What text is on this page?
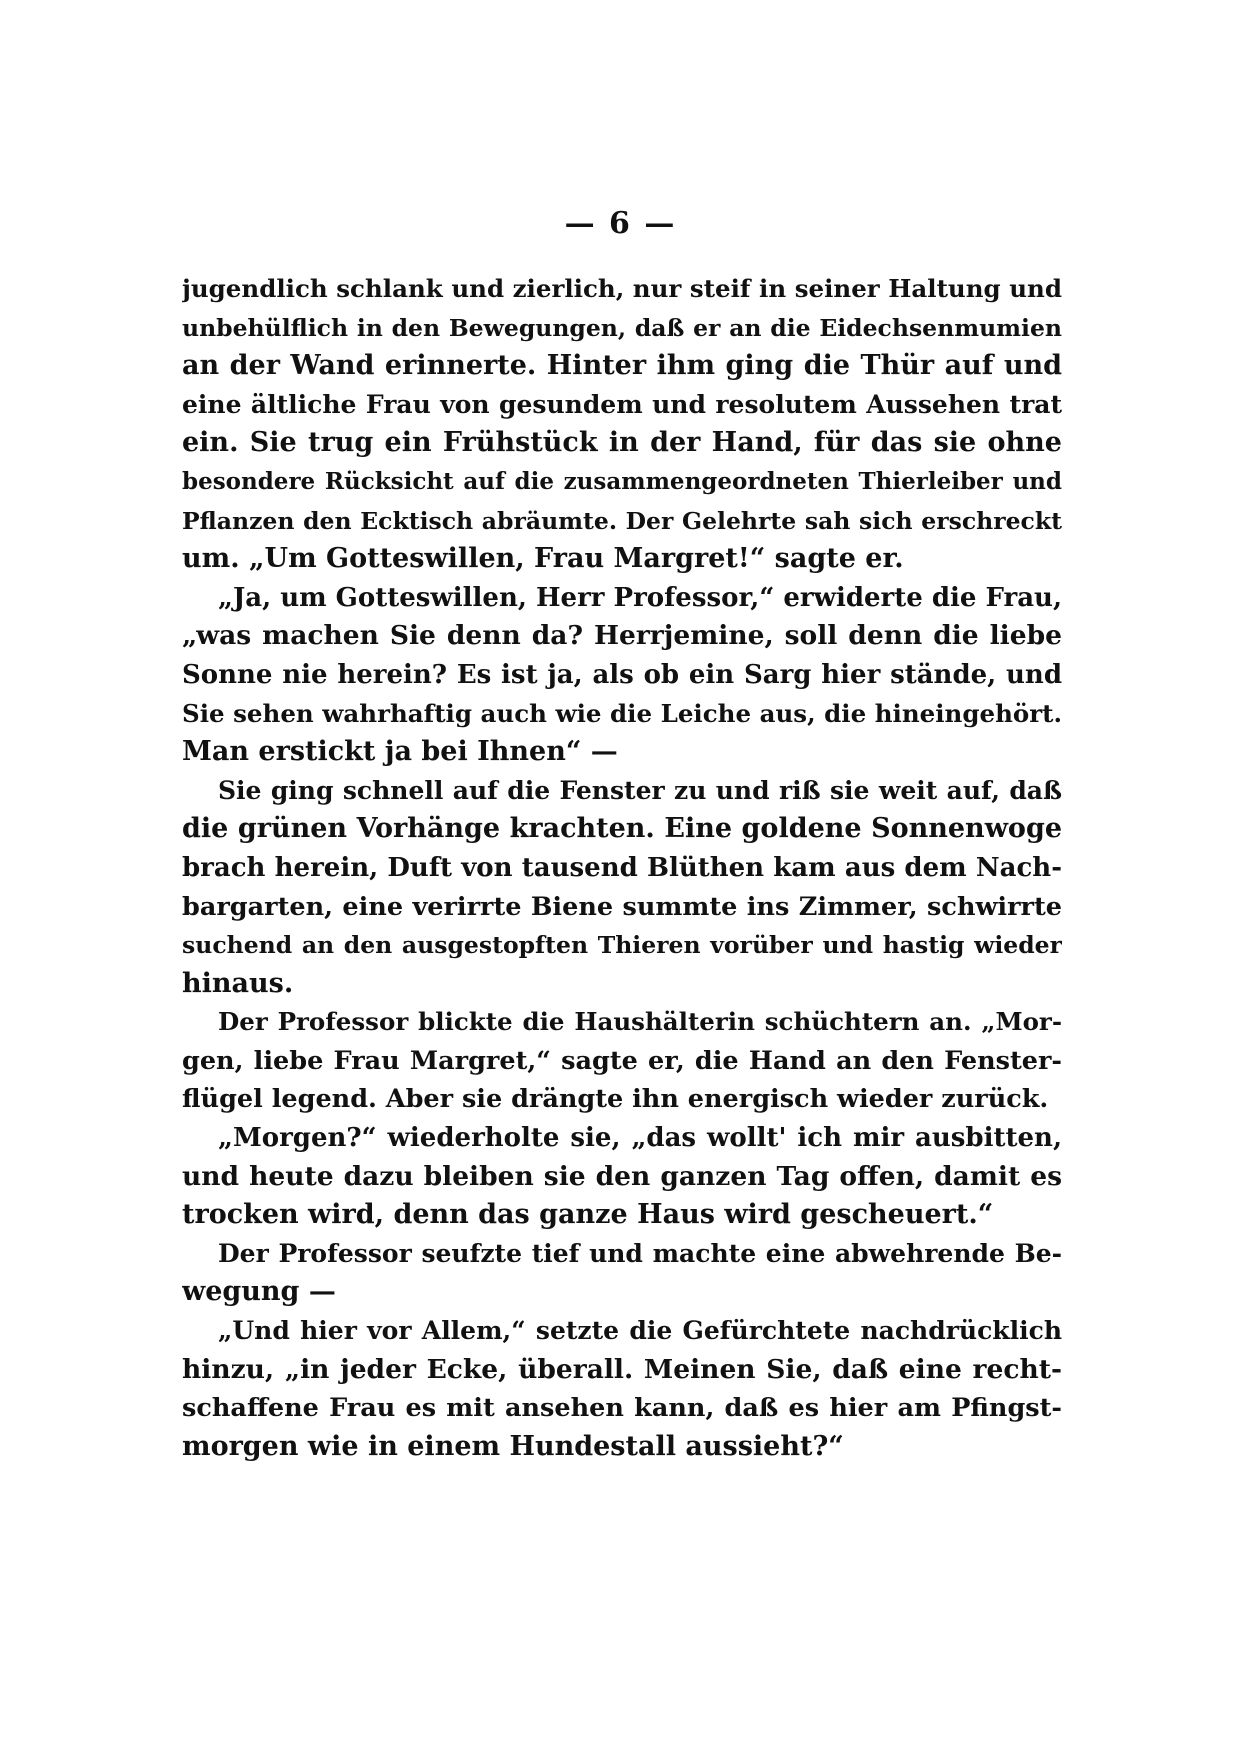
— 6 —
jugendlich schlank und zierlich, nur steif in seiner Haltung und
unbehülflich in den Bewegungen, daß er an die Eidechsenmumien
an der Wand erinnerte. Hinter ihm ging die Thür auf und
eine ältliche Frau von gesundem und resolutem Aussehen trat
ein. Sie trug ein Frühstück in der Hand, für das sie ohne
besondere Rücksicht auf die zusammengeordneten Thierleiber und
Pflanzen den Ecktisch abräumte. Der Gelehrte sah sich erschreckt
um. „Um Gotteswillen, Frau Margret!“ sagte er.
„Ja, um Gotteswillen, Herr Professor,“ erwiderte die Frau,
„was machen Sie denn da? Herrjemine, soll denn die liebe
Sonne nie herein? Es ist ja, als ob ein Sarg hier stände, und
Sie sehen wahrhaftig auch wie die Leiche aus, die hineingehört.
Man erstickt ja bei Ihnen“ —
Sie ging schnell auf die Fenster zu und riß sie weit auf, daß
die grünen Vorhänge krachten. Eine goldene Sonnenwoge
brach herein, Duft von tausend Blüthen kam aus dem Nach-
bargarten, eine verirrte Biene summte ins Zimmer, schwirrte
suchend an den ausgestopften Thieren vorüber und hastig wieder
hinaus.
Der Professor blickte die Haushälterin schüchtern an. „Mor-
gen, liebe Frau Margret,“ sagte er, die Hand an den Fenster-
flügel legend. Aber sie drängte ihn energisch wieder zurück.
„Morgen?“ wiederholte sie, „das wollt' ich mir ausbitten,
und heute dazu bleiben sie den ganzen Tag offen, damit es
trocken wird, denn das ganze Haus wird gescheuert.“
Der Professor seufzte tief und machte eine abwehrende Be-
wegung —
„Und hier vor Allem,“ setzte die Gefürchtete nachdrücklich
hinzu, „in jeder Ecke, überall. Meinen Sie, daß eine recht-
schaffene Frau es mit ansehen kann, daß es hier am Pfingst-
morgen wie in einem Hundestall aussieht?“
